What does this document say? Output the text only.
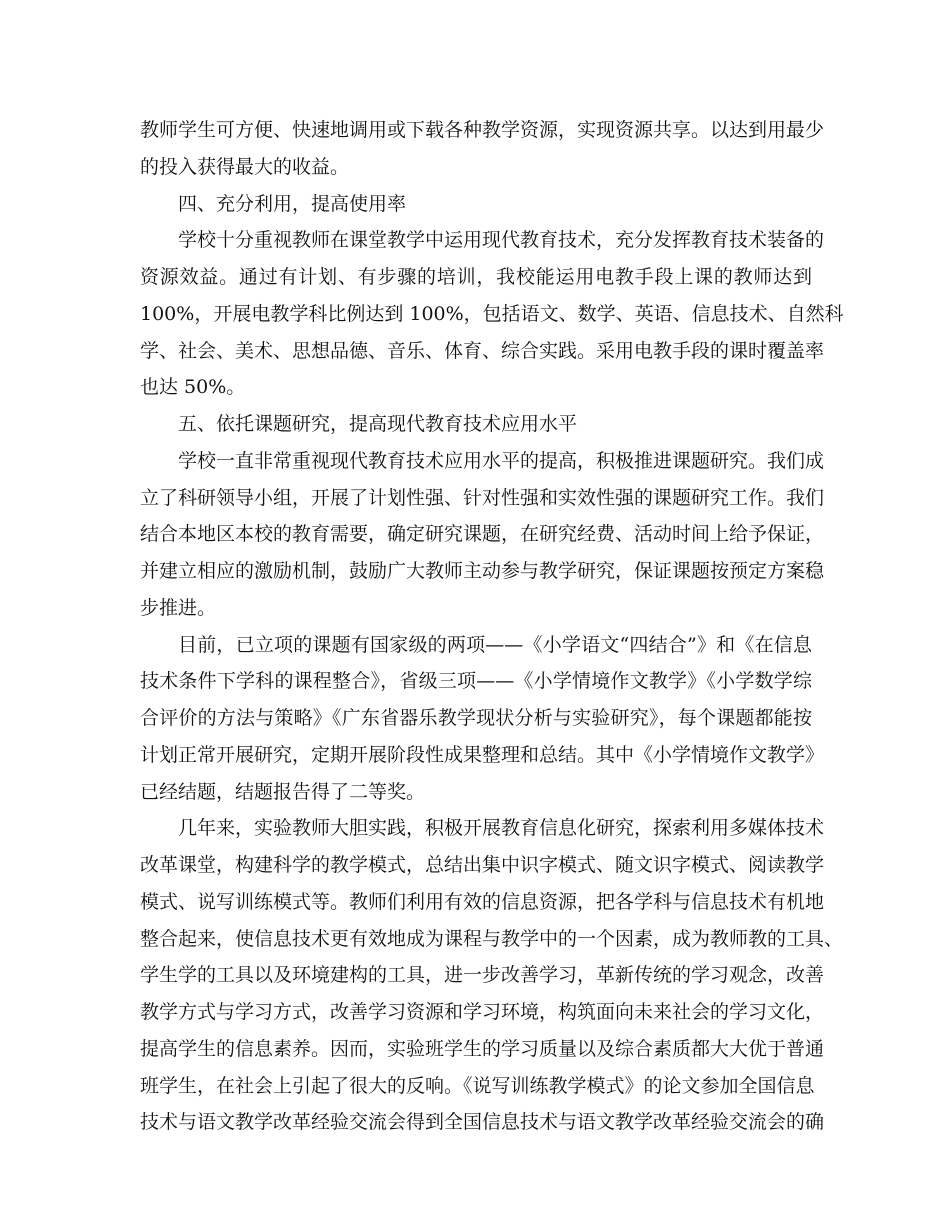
教师学生可方便、快速地调用或下载各种教学资源，实现资源共享。以达到用最少
的投入获得最大的收益。
四、充分利用，提高使用率
学校十分重视教师在课堂教学中运用现代教育技术，充分发挥教育技术装备的
资源效益。通过有计划、有步骤的培训，我校能运用电教手段上课的教师达到
100%，开展电教学科比例达到 100%，包括语文、数学、英语、信息技术、自然科
学、社会、美术、思想品德、音乐、体育、综合实践。采用电教手段的课时覆盖率
也达 50%。
五、依托课题研究，提高现代教育技术应用水平
学校一直非常重视现代教育技术应用水平的提高，积极推进课题研究。我们成
立了科研领导小组，开展了计划性强、针对性强和实效性强的课题研究工作。我们
结合本地区本校的教育需要，确定研究课题，在研究经费、活动时间上给予保证，
并建立相应的激励机制，鼓励广大教师主动参与教学研究，保证课题按预定方案稳
步推进。
目前，已立项的课题有国家级的两项——《小学语文“四结合”》和《在信息
技术条件下学科的课程整合》，省级三项——《小学情境作文教学》《小学数学综
合评价的方法与策略》《广东省器乐教学现状分析与实验研究》，每个课题都能按
计划正常开展研究，定期开展阶段性成果整理和总结。其中《小学情境作文教学》
已经结题，结题报告得了二等奖。
几年来，实验教师大胆实践，积极开展教育信息化研究，探索利用多媒体技术
改革课堂，构建科学的教学模式，总结出集中识字模式、随文识字模式、阅读教学
模式、说写训练模式等。教师们利用有效的信息资源，把各学科与信息技术有机地
整合起来，使信息技术更有效地成为课程与教学中的一个因素，成为教师教的工具、
学生学的工具以及环境建构的工具，进一步改善学习，革新传统的学习观念，改善
教学方式与学习方式，改善学习资源和学习环境，构筑面向未来社会的学习文化，
提高学生的信息素养。因而，实验班学生的学习质量以及综合素质都大大优于普通
班学生，在社会上引起了很大的反响。《说写训练教学模式》的论文参加全国信息
技术与语文教学改革经验交流会得到全国信息技术与语文教学改革经验交流会的确
